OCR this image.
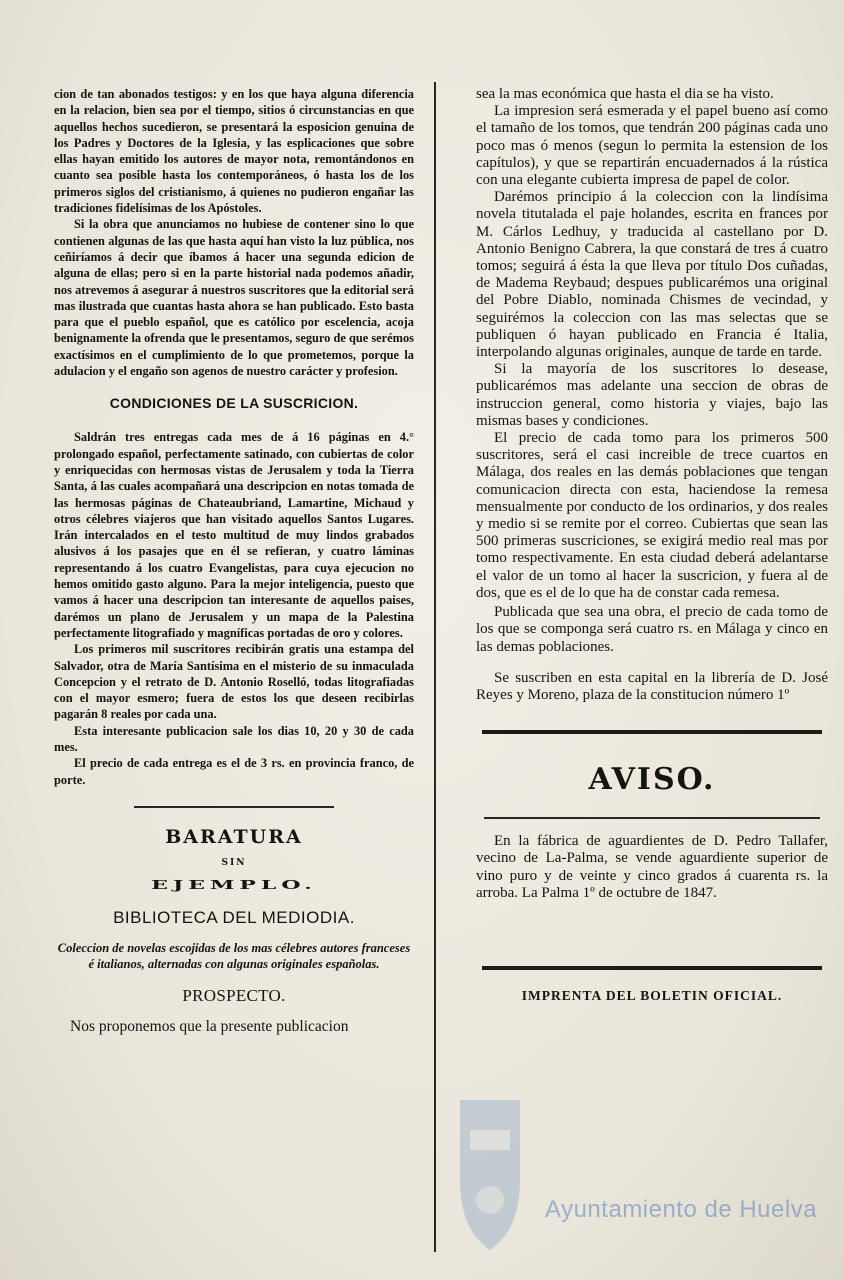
cion de tan abonados testigos: y en los que haya alguna diferencia en la relacion, bien sea por el tiempo, sitios ó circunstancias en que aquellos hechos sucedieron, se presentará la esposicion genuina de los Padres y Doctores de la Iglesia, y las esplicaciones que sobre ellas hayan emitido los autores de mayor nota, remontándonos en cuanto sea posible hasta los contemporáneos, ó hasta los de los primeros siglos del cristianismo, á quienes no pudieron engañar las tradiciones fidelísimas de los Apóstoles.

Si la obra que anunciamos no hubiese de contener sino lo que contienen algunas de las que hasta aquí han visto la luz pública, nos ceñiríamos á decir que íbamos á hacer una segunda edicion de alguna de ellas; pero si en la parte historial nada podemos añadir, nos atrevemos á asegurar á nuestros suscritores que la editorial será mas ilustrada que cuantas hasta ahora se han publicado. Esto basta para que el pueblo español, que es católico por escelencia, acoja benignamente la ofrenda que le presentamos, seguro de que serémos exactísimos en el cumplimiento de lo que prometemos, porque la adulacion y el engaño son agenos de nuestro carácter y profesion.

CONDICIONES DE LA SUSCRICION.

Saldrán tres entregas cada mes de á 16 páginas en 4.° prolongado español, perfectamente satinado, con cubiertas de color y enriquecidas con hermosas vistas de Jerusalem y toda la Tierra Santa, á las cuales acompañará una descripcion en notas tomada de las hermosas páginas de Chateaubriand, Lamartine, Michaud y otros célebres viajeros que han visitado aquellos Santos Lugares. Irán intercalados en el testo multitud de muy lindos grabados alusivos á los pasajes que en él se refieran, y cuatro láminas representando á los cuatro Evangelistas, para cuya ejecucion no hemos omitido gasto alguno. Para la mejor inteligencia, puesto que vamos á hacer una descripcion tan interesante de aquellos paises, darémos un plano de Jerusalem y un mapa de la Palestina perfectamente litografiado y magníficas portadas de oro y colores.

Los primeros mil suscritores recibirán gratis una estampa del Salvador, otra de María Santísima en el misterio de su inmaculada Concepcion y el retrato de D. Antonio Roselló, todas litografiadas con el mayor esmero; fuera de estos los que deseen recibirlas pagarán 8 reales por cada una.

Esta interesante publicacion sale los dias 10, 20 y 30 de cada mes.

El precio de cada entrega es el de 3 rs. en provincia franco, de porte.

BARATURA
SIN
EJEMPLO.
BIBLIOTECA DEL MEDIODIA.
Coleccion de novelas escojidas de los mas célebres autores franceses é italianos, alternadas con algunas originales españolas.
PROSPECTO.

Nos proponemos que la presente publicacion

sea la mas económica que hasta el dia se ha visto.

La impresion será esmerada y el papel bueno así como el tamaño de los tomos, que tendrán 200 páginas cada uno poco mas ó menos (segun lo permita la estension de los capítulos), y que se repartirán encuadernados á la rústica con una elegante cubierta impresa de papel de color.

Darémos principio á la coleccion con la lindísima novela titutalada el paje holandes, escrita en frances por M. Cárlos Ledhuy, y traducida al castellano por D. Antonio Benigno Cabrera, la que constará de tres á cuatro tomos; seguirá á ésta la que lleva por título Dos cuñadas, de Madema Reybaud; despues publicarémos una original del Pobre Diablo, nominada Chismes de vecindad, y seguirémos la coleccion con las mas selectas que se publiquen ó hayan publicado en Francia é Italia, interpolando algunas originales, aunque de tarde en tarde.

Si la mayoría de los suscritores lo desease, publicarémos mas adelante una seccion de obras de instruccion general, como historia y viajes, bajo las mismas bases y condiciones.

El precio de cada tomo para los primeros 500 suscritores, será el casi increible de trece cuartos en Málaga, dos reales en las demás poblaciones que tengan comunicacion directa con esta, haciendose la remesa mensualmente por conducto de los ordinarios, y dos reales y medio si se remite por el correo. Cubiertas que sean las 500 primeras suscriciones, se exigirá medio real mas por tomo respectivamente. En esta ciudad deberá adelantarse el valor de un tomo al hacer la suscricion, y fuera al de dos, que es el de lo que ha de constar cada remesa.

Publicada que sea una obra, el precio de cada tomo de los que se componga será cuatro rs. en Málaga y cinco en las demas poblaciones.

Se suscriben en esta capital en la librería de D. José Reyes y Moreno, plaza de la constitucion número 1º

AVISO.

En la fábrica de aguardientes de D. Pedro Tallafer, vecino de La-Palma, se vende aguardiente superior de vino puro y de veinte y cinco grados á cuarenta rs. la arroba. La Palma 1º de octubre de 1847.

IMPRENTA DEL BOLETIN OFICIAL.
Ayuntamiento de Huelva
